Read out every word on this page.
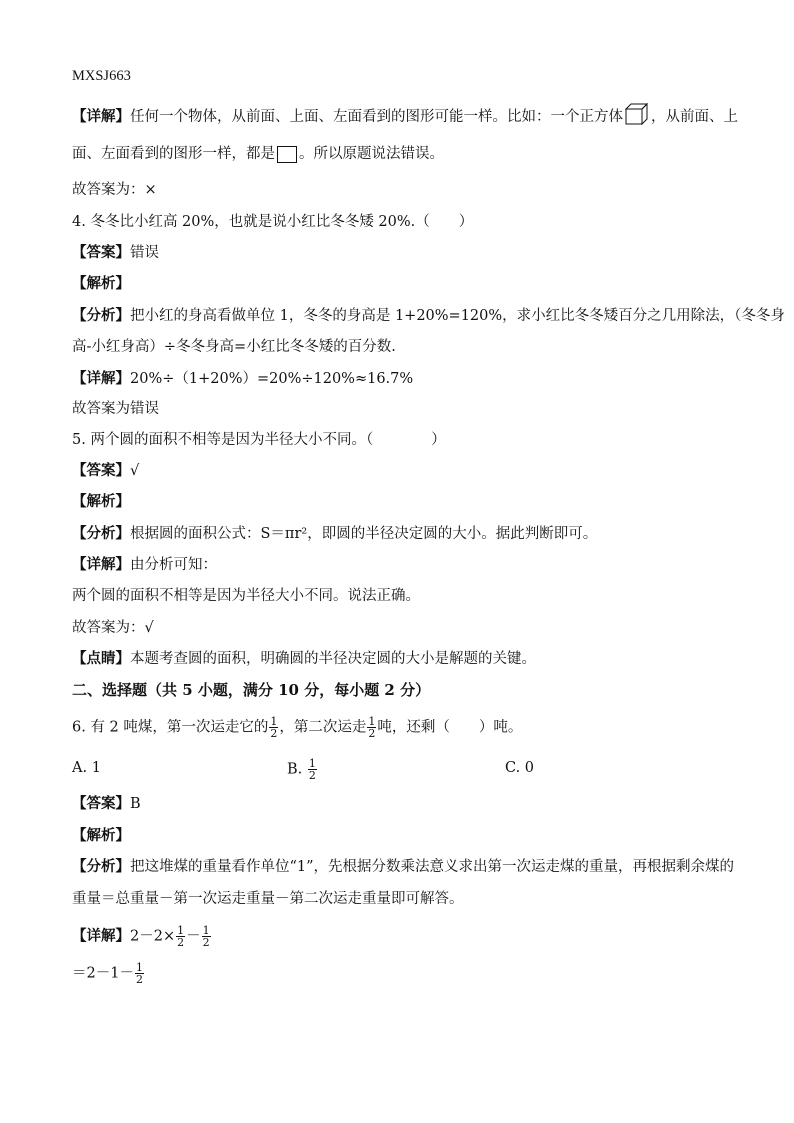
MXSJ663
【详解】任何一个物体，从前面、上面、左面看到的图形可能一样。比如：一个正方体 ，从前面、上
面、左面看到的图形一样，都是 。所以原题说法错误。
故答案为：×
4. 冬冬比小红高 20%，也就是说小红比冬冬矮 20%.（　　）
【答案】错误
【解析】
【分析】把小红的身高看做单位 1，冬冬的身高是 1+20%=120%，求小红比冬冬矮百分之几用除法，（冬冬身
高-小红身高）÷冬冬身高=小红比冬冬矮的百分数.
【详解】20%÷（1+20%）=20%÷120%≈16.7%
故答案为错误
5. 两个圆的面积不相等是因为半径大小不同。（　　　　）
【答案】√
【解析】
【分析】根据圆的面积公式：S＝πr²，即圆的半径决定圆的大小。据此判断即可。
【详解】由分析可知：
两个圆的面积不相等是因为半径大小不同。说法正确。
故答案为：√
【点睛】本题考查圆的面积，明确圆的半径决定圆的大小是解题的关键。
二、选择题（共 5 小题，满分 10 分，每小题 2 分）
6. 有 2 吨煤，第一次运走它的 $\frac{1}{2}$ ，第二次运走 $\frac{1}{2}$ 吨，还剩（　　）吨。
A. 1	B. $\frac{1}{2}$	C. 0
【答案】B
【解析】
【分析】把这堆煤的重量看作单位“1”，先根据分数乘法意义求出第一次运走煤的重量，再根据剩余煤的
重量＝总重量－第一次运走重量－第二次运走重量即可解答。
【详解】$2-2\times \frac{1}{2} - \frac{1}{2}$
$=2-1- \frac{1}{2}$
